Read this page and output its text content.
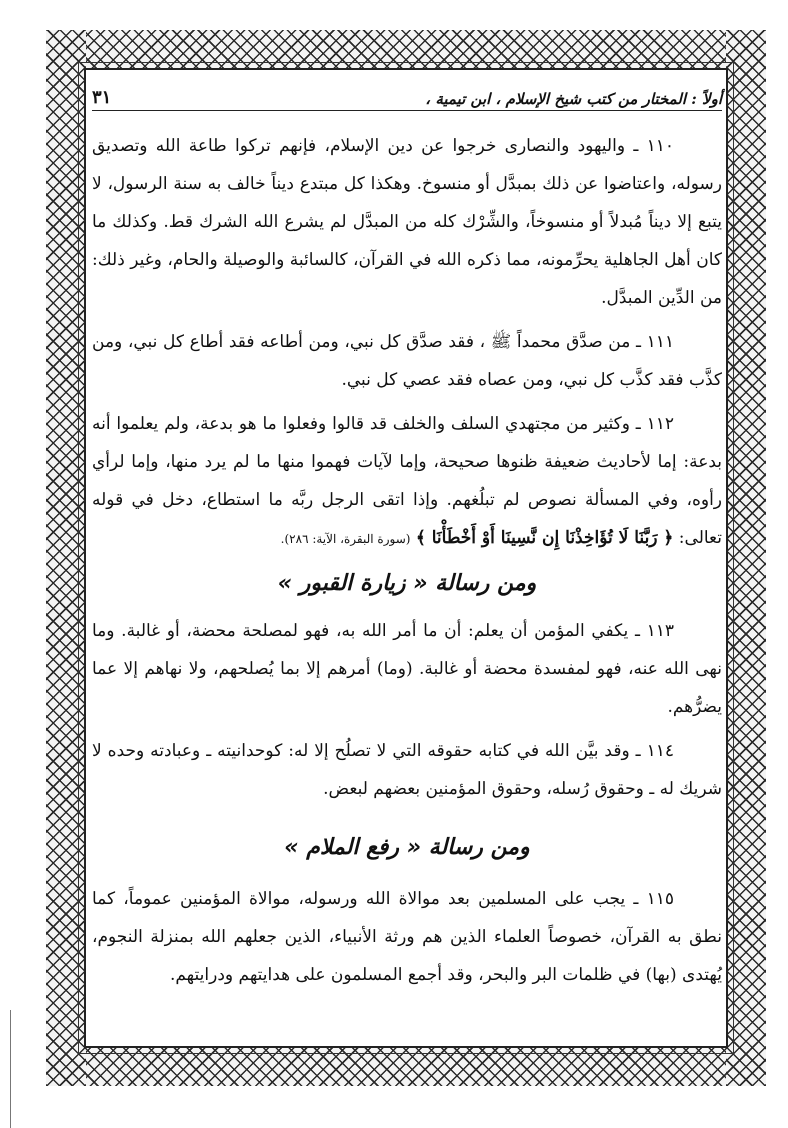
أولاً : المختار من كتب شيخ الإسلام ، ابن تيمية ،
٣١

١١٠ ـ واليهود والنصارى خرجوا عن دين الإسلام، فإنهم تركوا طاعة الله وتصديق رسوله، واعتاضوا عن ذلك بمبدَّل أو منسوخ. وهكذا كل مبتدع ديناً خالف به سنة الرسول، لا يتبع إلا ديناً مُبدلاً أو منسوخاً، والشِّرْك كله من المبدَّل لم يشرع الله الشرك قط. وكذلك ما كان أهل الجاهلية يحرِّمونه، مما ذكره الله في القرآن، كالسائبة والوصيلة والحام، وغير ذلك: من الدِّين المبدَّل.

١١١ ـ من صدَّق محمداً ﷺ ، فقد صدَّق كل نبي، ومن أطاعه فقد أطاع كل نبي، ومن كذَّب فقد كذَّب كل نبي، ومن عصاه فقد عصي كل نبي.

١١٢ ـ وكثير من مجتهدي السلف والخلف قد قالوا وفعلوا ما هو بدعة، ولم يعلموا أنه بدعة: إما لأحاديث ضعيفة ظنوها صحيحة، وإما لآيات فهموا منها ما لم يرد منها، وإما لرأي رأوه، وفي المسألة نصوص لم تبلُغهم. وإذا اتقى الرجل ربَّه ما استطاع، دخل في قوله تعالى: ﴿ رَبَّنَا لَا تُؤَاخِذْنَا إِن نَّسِينَا أَوْ أَخْطَأْنَا ﴾ (سورة البقرة، الآية: ٢٨٦).

ومن رسالة « زيارة القبور »

١١٣ ـ يكفي المؤمن أن يعلم: أن ما أمر الله به، فهو لمصلحة محضة، أو غالبة. وما نهى الله عنه، فهو لمفسدة محضة أو غالبة. (وما) أمرهم إلا بما يُصلحهم، ولا نهاهم إلا عما يضرُّهم.

١١٤ ـ وقد بيَّن الله في كتابه حقوقه التي لا تصلُح إلا له: كوحدانيته ـ وعبادته وحده لا شريك له ـ وحقوق رُسله، وحقوق المؤمنين بعضهم لبعض.

ومن رسالة « رفع الملام »

١١٥ ـ يجب على المسلمين بعد موالاة الله ورسوله، موالاة المؤمنين عموماً، كما نطق به القرآن، خصوصاً العلماء الذين هم ورثة الأنبياء، الذين جعلهم الله بمنزلة النجوم، يُهتدى (بها) في ظلمات البر والبحر، وقد أجمع المسلمون على هدايتهم ودرايتهم.
